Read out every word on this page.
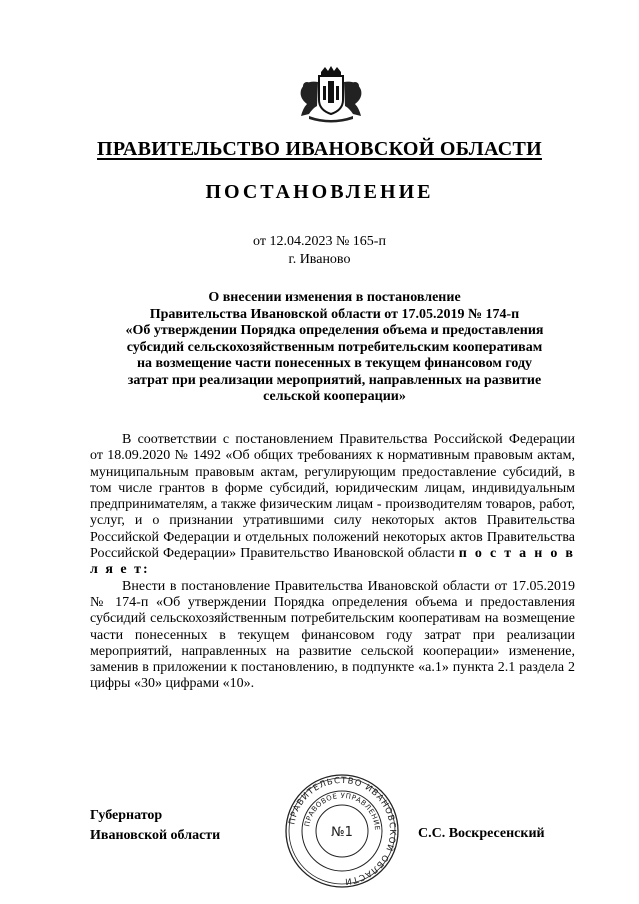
ПРАВИТЕЛЬСТВО ИВАНОВСКОЙ ОБЛАСТИ
ПОСТАНОВЛЕНИЕ
от 12.04.2023 № 165-п
г. Иваново
О внесении изменения в постановление
Правительства Ивановской области от 17.05.2019 № 174-п
«Об утверждении Порядка определения объема и предоставления
субсидий сельскохозяйственным потребительским кооперативам
на возмещение части понесенных в текущем финансовом году
затрат при реализации мероприятий, направленных на развитие
сельской кооперации»

В соответствии с постановлением Правительства Российской Федерации от 18.09.2020 № 1492 «Об общих требованиях к нормативным правовым актам, муниципальным правовым актам, регулирующим предоставление субсидий, в том числе грантов в форме субсидий, юридическим лицам, индивидуальным предпринимателям, а также физическим лицам - производителям товаров, работ, услуг, и о признании утратившими силу некоторых актов Правительства Российской Федерации и отдельных положений некоторых актов Правительства Российской Федерации» Правительство Ивановской области п о с т а н о в л я е т:

Внести в постановление Правительства Ивановской области от 17.05.2019 № 174-п «Об утверждении Порядка определения объема и предоставления субсидий сельскохозяйственным потребительским кооперативам на возмещение части понесенных в текущем финансовом году затрат при реализации мероприятий, направленных на развитие сельской кооперации» изменение, заменив в приложении к постановлению, в подпункте «а.1» пункта 2.1 раздела 2 цифры «30» цифрами «10».

Губернатор
Ивановской области	С.С. Воскресенский
ПРАВИТЕЛЬСТВО ИВАНОВСКОЙ ОБЛАСТИ
ПРАВОВОЕ УПРАВЛЕНИЕ
№1
